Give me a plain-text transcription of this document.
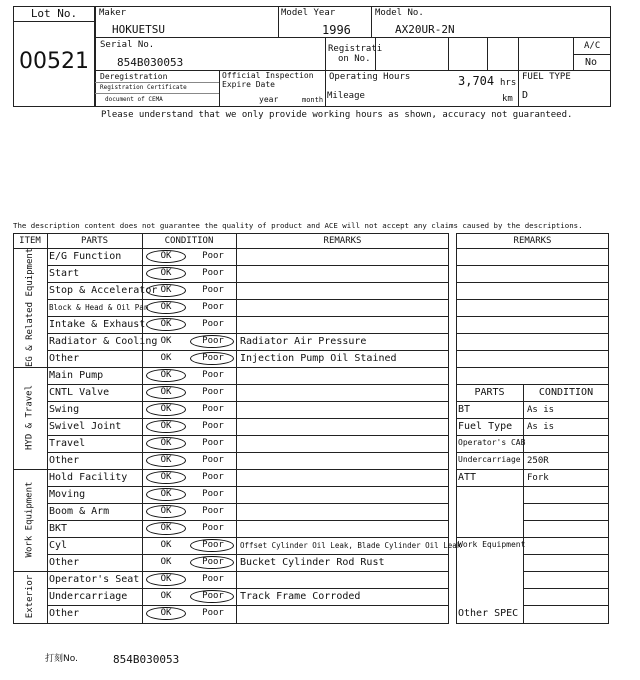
Lot No.
00521
Maker
HOKUETSU
Model Year
1996
Model No.
AX20UR-2N
Serial No.
854B030053
Registrati
on No.
A/C
No
Deregistration
Registration Certificate
document of CEMA
Official Inspection
Expire Date
year	month
Operating Hours	3,704 hrs
Mileage	km
FUEL TYPE
D
Please understand that we only provide working hours as shown, accuracy not guaranteed.
The description content does not guarantee the quality of product and ACE will not accept any claims caused by the descriptions.
ITEM	PARTS	CONDITION	REMARKS
E/G Function	OK	Poor
Start	OK	Poor
Stop & Accelerator OK	Poor
Block & Head & Oil Pan	OK	Poor
Intake & Exhaust	OK	Poor
Radiator & Cooling OK	Poor	Radiator Air Pressure
Other	OK	Poor	Injection Pump Oil Stained
EG & Related Equipment
Main Pump	OK	Poor
CNTL Valve	OK	Poor
Swing	OK	Poor
Swivel Joint	OK	Poor
Travel	OK	Poor
Other	OK	Poor
HYD & Travel
Hold Facility	OK	Poor
Moving	OK	Poor
Boom & Arm	OK	Poor
BKT	OK	Poor
Cyl	OK	Poor	Offset Cylinder Oil Leak, Blade Cylinder Oil Leak
Other	OK	Poor	Bucket Cylinder Rod Rust
Work Equipment
Operator's Seat	OK	Poor
Undercarriage	OK	Poor	Track Frame Corroded
Other	OK	Poor
Exterior
REMARKS
PARTS	CONDITION
BT	As is
Fuel Type As is
Operator's CAB
Undercarriage 250R
ATT	Fork
Work Equipment
Other SPEC
打刻No.	854B030053
